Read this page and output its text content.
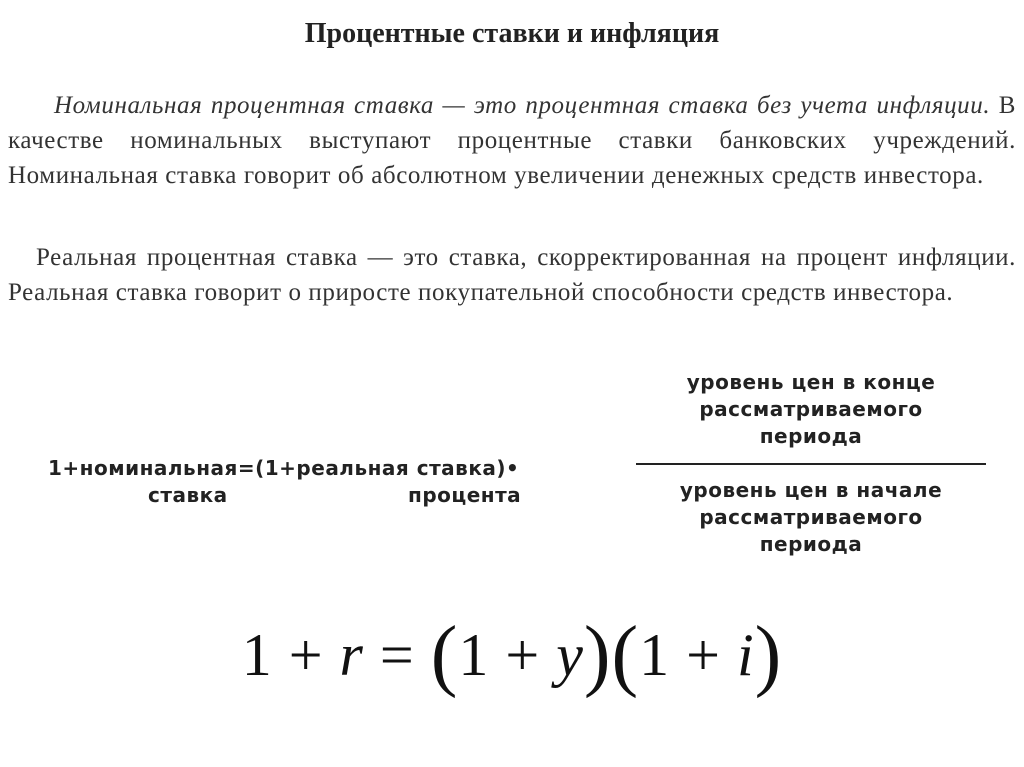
Процентные ставки и инфляция
Номинальная процентная ставка — это процентная ставка без учета инфляции. В качестве номинальных выступают процентные ставки банковских учреждений. Номинальная ставка говорит об абсолютном увеличении денежных средств инвестора.
Реальная процентная ставка — это ставка, скорректированная на процент инфляции. Реальная ставка говорит о приросте покупательной способности средств инвестора.
1+номинальная=(1+реальная ставка)•
ставка	процента
уровень цен в конце
рассматриваемого
периода
уровень цен в начале
рассматриваемого
периода
1 + r = (1 + y)(1 + i)
